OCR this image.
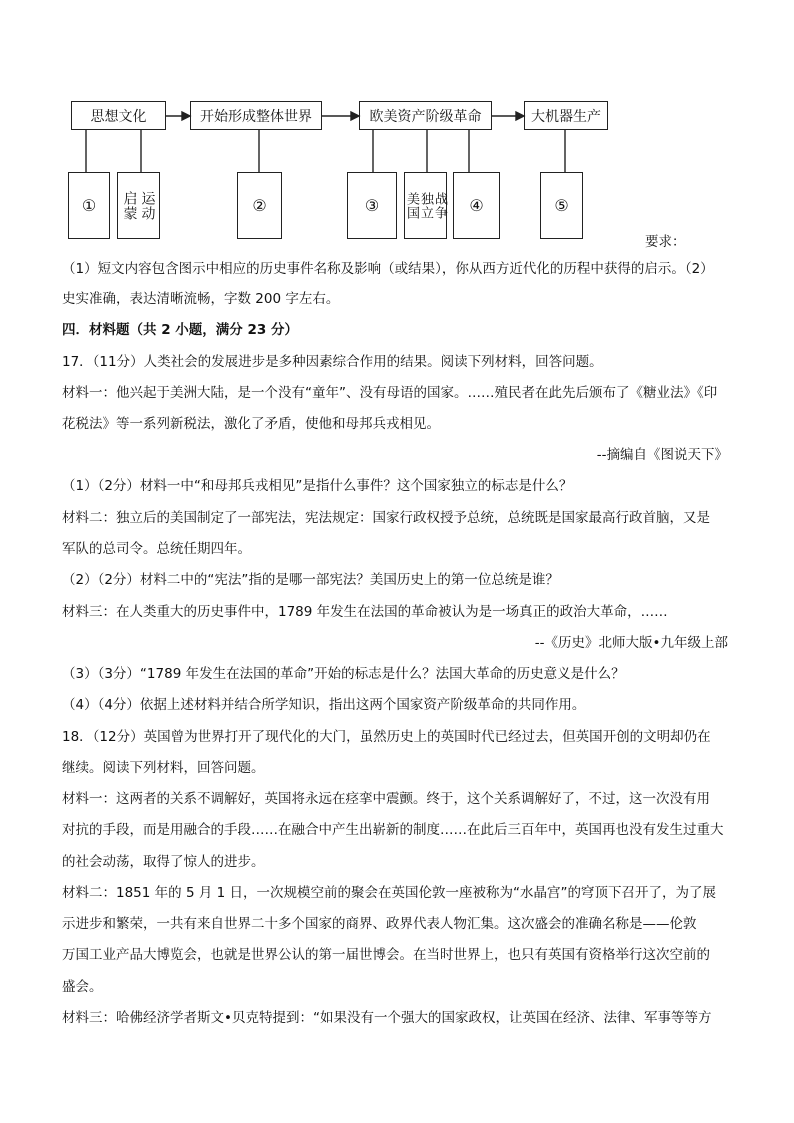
思想文化	开始形成整体世界	欧美资产阶级革命	大机器生产
①	运动
启蒙	②	③	战争
独立
美国	④	⑤
要求：
（1）短文内容包含图示中相应的历史事件名称及影响（或结果），你从西方近代化的历程中获得的启示。（2）
史实准确，表达清晰流畅，字数 200 字左右。
四．材料题（共 2 小题，满分 23 分）
17．（11分）人类社会的发展进步是多种因素综合作用的结果。阅读下列材料，回答问题。
材料一：他兴起于美洲大陆，是一个没有“童年”、没有母语的国家。……殖民者在此先后颁布了《糖业法》《印
花税法》等一系列新税法，激化了矛盾，使他和母邦兵戎相见。
--摘编自《图说天下》
（1）（2分）材料一中“和母邦兵戎相见”是指什么事件？这个国家独立的标志是什么？
材料二：独立后的美国制定了一部宪法，宪法规定：国家行政权授予总统，总统既是国家最高行政首脑，又是
军队的总司令。总统任期四年。
（2）（2分）材料二中的“宪法”指的是哪一部宪法？美国历史上的第一位总统是谁？
材料三：在人类重大的历史事件中，1789 年发生在法国的革命被认为是一场真正的政治大革命，……
--《历史》北师大版•九年级上部
（3）（3分）“1789 年发生在法国的革命”开始的标志是什么？法国大革命的历史意义是什么？
（4）（4分）依据上述材料并结合所学知识，指出这两个国家资产阶级革命的共同作用。
18．（12分）英国曾为世界打开了现代化的大门，虽然历史上的英国时代已经过去，但英国开创的文明却仍在
继续。阅读下列材料，回答问题。
材料一：这两者的关系不调解好，英国将永远在痉挛中震颤。终于，这个关系调解好了，不过，这一次没有用
对抗的手段，而是用融合的手段……在融合中产生出崭新的制度……在此后三百年中，英国再也没有发生过重大
的社会动荡，取得了惊人的进步。
材料二：1851 年的 5 月 1 日，一次规模空前的聚会在英国伦敦一座被称为“水晶宫”的穹顶下召开了，为了展
示进步和繁荣，一共有来自世界二十多个国家的商界、政界代表人物汇集。这次盛会的准确名称是——伦敦
万国工业产品大博览会，也就是世界公认的第一届世博会。在当时世界上，也只有英国有资格举行这次空前的
盛会。
材料三：哈佛经济学者斯文•贝克特提到：“如果没有一个强大的国家政权，让英国在经济、法律、军事等等方
